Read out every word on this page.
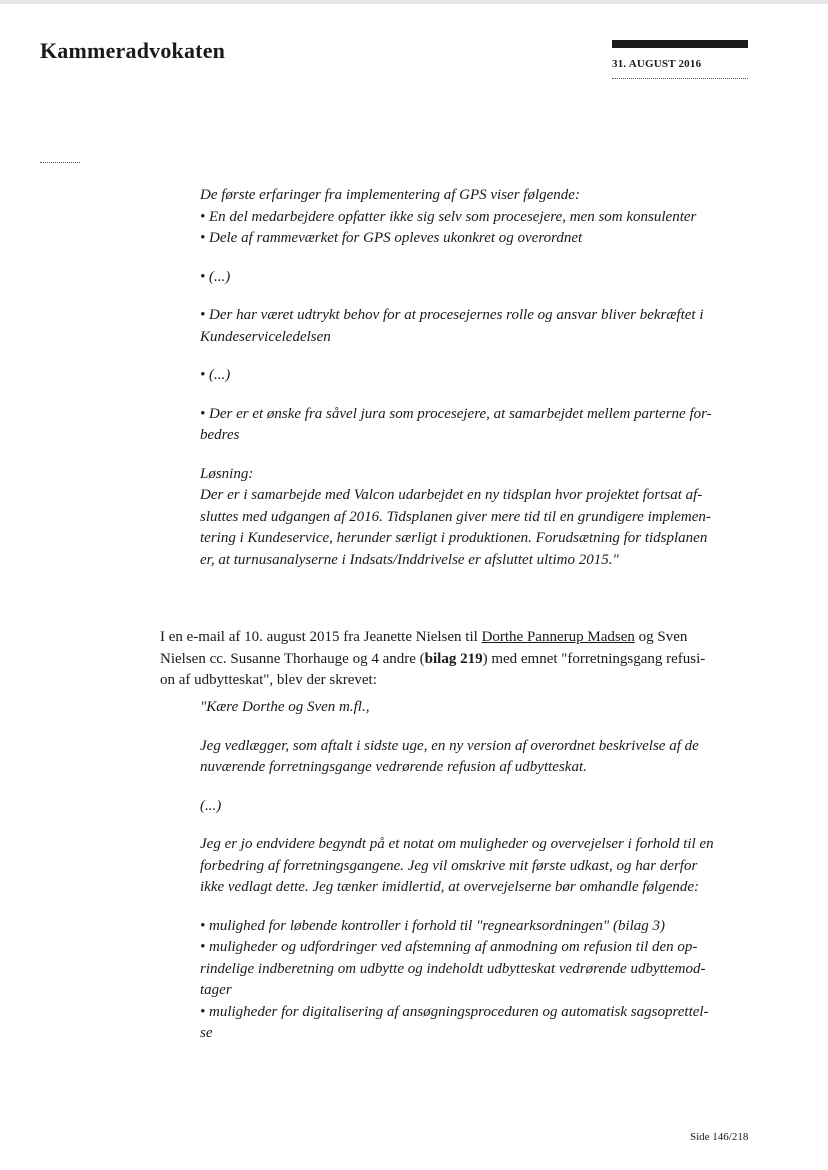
Kammeradvokaten
31. AUGUST 2016

De første erfaringer fra implementering af GPS viser følgende:

• En del medarbejdere opfatter ikke sig selv som procesejere, men som konsulenter

• Dele af rammeværket for GPS opleves ukonkret og overordnet

• (...)

• Der har været udtrykt behov for at procesejernes rolle og ansvar bliver bekræftet i

Kundeserviceledelsen

• (...)

• Der er et ønske fra såvel jura som procesejere, at samarbejdet mellem parterne for-

bedres

Løsning:

Der er i samarbejde med Valcon udarbejdet en ny tidsplan hvor projektet fortsat af-

sluttes med udgangen af 2016. Tidsplanen giver mere tid til en grundigere implemen-

tering i Kundeservice, herunder særligt i produktionen. Forudsætning for tidsplanen

er, at turnusanalyserne i Indsats/Inddrivelse er afsluttet ultimo 2015."

I en e-mail af 10. august 2015 fra Jeanette Nielsen til Dorthe Pannerup Madsen og Sven

Nielsen cc. Susanne Thorhauge og 4 andre (bilag 219) med emnet "forretningsgang refusi-

on af udbytteskat", blev der skrevet:

"Kære Dorthe og Sven m.fl.,

Jeg vedlægger, som aftalt i sidste uge, en ny version af overordnet beskrivelse af de

nuværende forretningsgange vedrørende refusion af udbytteskat.

(...)

Jeg er jo endvidere begyndt på et notat om muligheder og overvejelser i forhold til en

forbedring af forretningsgangene. Jeg vil omskrive mit første udkast, og har derfor

ikke vedlagt dette. Jeg tænker imidlertid, at overvejelserne bør omhandle følgende:

• mulighed for løbende kontroller i forhold til "regnearksordningen" (bilag 3)

• muligheder og udfordringer ved afstemning af anmodning om refusion til den op-

rindelige indberetning om udbytte og indeholdt udbytteskat vedrørende udbyttemod-

tager

• muligheder for digitalisering af ansøgningsproceduren og automatisk sagsoprettel-

se

Side 146/218
